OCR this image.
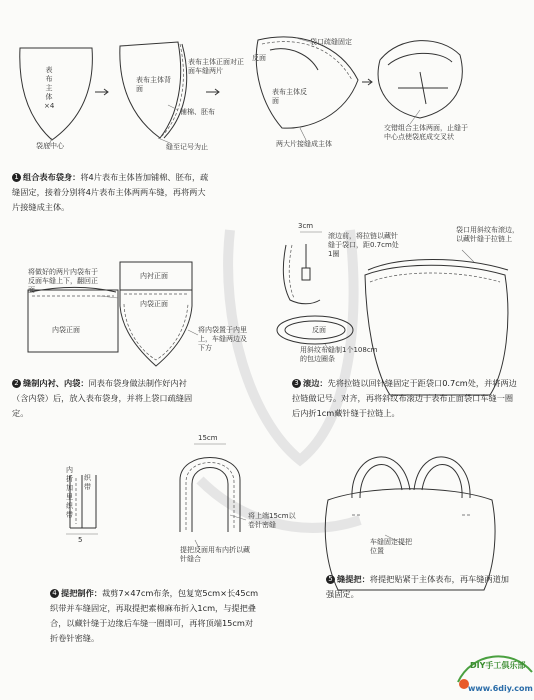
表布主体×4
袋底中心
表布主体背面
表布主体正面对正面车缝两片
铺棉、胚布
缝至记号为止
袋口疏缝固定
反面
表布主体反面
两大片接缝成主体
交错组合主体两面，止缝于中心点使袋底成交叉状
1 组合表布袋身：将4片表布主体皆加铺棉、胚布，疏缝固定，接着分别将4片表布主体两两车缝，再将两大片接缝成主体。
将做好的两片内袋布于反面车缝上下，翻回正面
内袋正面
内衬正面
内袋正面
将内袋置于内里上，车缝两边及下方
2 缝制内衬、内袋：同表布袋身做法制作好内衬（含内袋）后，放入表布袋身，并将上袋口疏缝固定。
3cm
滚边前，将拉链以藏针缝于袋口，距0.7cm处1圈
反面
用斜纹布缝制1个108cm的包边圈条
袋口用斜纹布滚边，以藏针缝于拉链上
3 滚边：先将拉链以回针缝固定于距袋口0.7cm处，并将两边拉链做记号。对齐，再将斜纹布滚边于表布正面袋口车缝一圈后内折1cm藏针缝于拉链上。
内折加里织带
织带
5
15cm
将上端15cm以卷针密缝
提把反面用布内折以藏针缝合
车缝固定提把位置
4 提把制作：裁剪7×47cm布条，包复宽5cm×长45cm织带并车缝固定，再取提把素棉麻布折入1cm，与提把叠合，以藏针缝于边缘后车缝一圈即可，再将顶端15cm对折卷针密缝。
5 缝提把：将提把贴紧于主体表布，再车缝两道加强固定。
DIY手工俱乐部
www.6diy.com
